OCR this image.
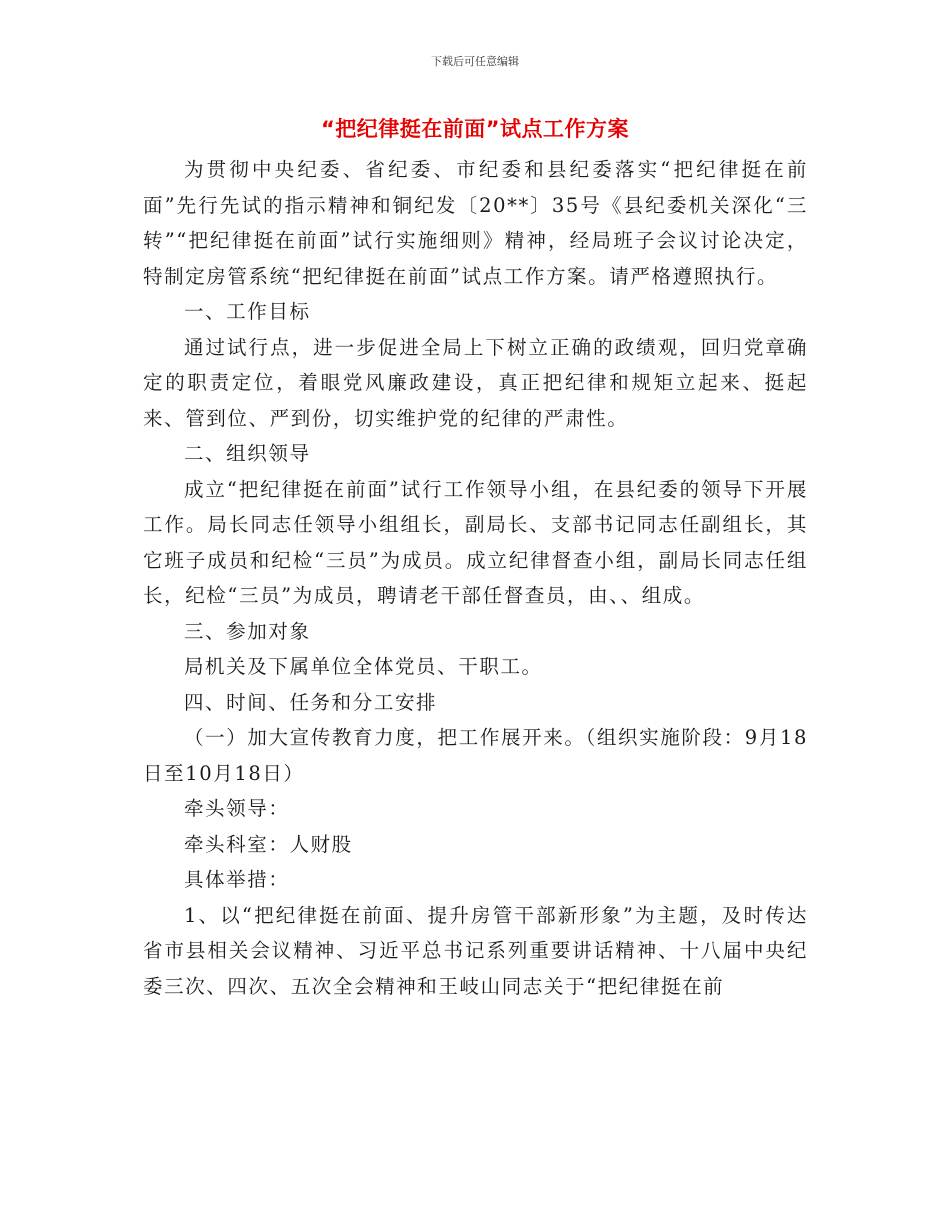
下载后可任意编辑
“把纪律挺在前面”试点工作方案

为贯彻中央纪委、省纪委、市纪委和县纪委落实“把纪律挺在前面”先行先试的指示精神和铜纪发〔20**〕35号《县纪委机关深化“三转”“把纪律挺在前面”试行实施细则》精神，经局班子会议讨论决定，特制定房管系统“把纪律挺在前面”试点工作方案。请严格遵照执行。

一、工作目标

通过试行点，进一步促进全局上下树立正确的政绩观，回归党章确定的职责定位，着眼党风廉政建设，真正把纪律和规矩立起来、挺起来、管到位、严到份，切实维护党的纪律的严肃性。

二、组织领导

成立“把纪律挺在前面”试行工作领导小组，在县纪委的领导下开展工作。局长同志任领导小组组长，副局长、支部书记同志任副组长，其它班子成员和纪检“三员”为成员。成立纪律督查小组，副局长同志任组长，纪检“三员”为成员，聘请老干部任督查员，由、、组成。

三、参加对象

局机关及下属单位全体党员、干职工。

四、时间、任务和分工安排

（一）加大宣传教育力度，把工作展开来。（组织实施阶段：9月18日至10月18日）

牵头领导：

牵头科室：人财股

具体举措：

1、以“把纪律挺在前面、提升房管干部新形象”为主题，及时传达省市县相关会议精神、习近平总书记系列重要讲话精神、十八届中央纪委三次、四次、五次全会精神和王岐山同志关于“把纪律挺在前
